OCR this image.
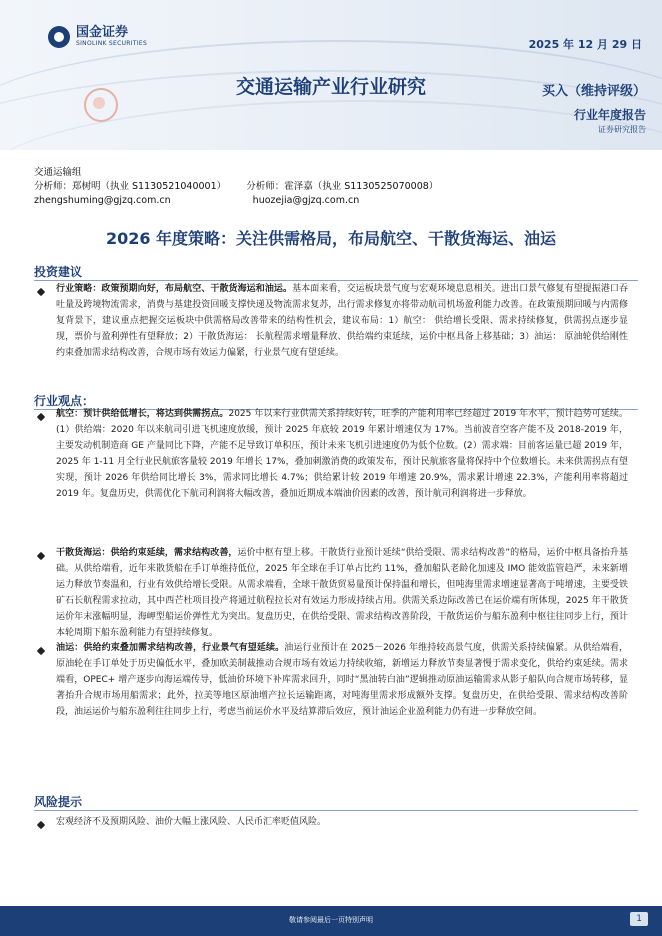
国金证券
SINOLINK SECURITIES	2025 年 12 月 29 日
交通运输产业行业研究	买入（维持评级）
行业年度报告
证券研究报告
交通运输组
分析师：郑树明（执业 S1130521040001） 分析师：霍泽嘉（执业 S1130525070008）
zhengshuming@gjzq.com.cn	huozejia@gjzq.com.cn
2026 年度策略：关注供需格局，布局航空、干散货海运、油运
投资建议
行业策略：政策预期向好，布局航空、干散货海运和油运。基本面来看，交运板块景气度与宏观环境息息相关。进出口景气修复有望提振港口吞吐量及跨境物流需求，消费与基建投资回暖支撑快递及物流需求复苏，出行需求修复亦将带动航司机场盈利能力改善。在政策预期回暖与内需修复背景下，建议重点把握交运板块中供需格局改善带来的结构性机会，建议布局：1）航空： 供给增长受限、需求持续修复，供需拐点逐步显现，票价与盈利弹性有望释放；2）干散货海运： 长航程需求增量释放、供给端约束延续，运价中枢具备上移基础；3）油运： 原油轮供给刚性约束叠加需求结构改善，合规市场有效运力偏紧，行业景气度有望延续。
行业观点：
航空：预计供给低增长，将达到供需拐点。2025 年以来行业供需关系持续好转，旺季的产能利用率已经超过 2019 年水平，预计趋势可延续。(1）供给端：2020 年以来航司引进飞机速度放缓，预计 2025 年底较 2019 年累计增速仅为 17%。当前波音空客产能不及 2018-2019 年，主要发动机制造商 GE 产量同比下降，产能不足导致订单积压，预计未来飞机引进速度仍为低个位数。(2）需求端：目前客运量已超 2019 年，2025 年 1-11 月全行业民航旅客量较 2019 年增长 17%，叠加刺激消费的政策发布，预计民航旅客量将保持中个位数增长。未来供需拐点有望实现，预计 2026 年供给同比增长 3%，需求同比增长 4.7%；供给累计较 2019 年增速 20.9%，需求累计增速 22.3%，产能利用率将超过 2019 年。复盘历史，供需优化下航司利润将大幅改善，叠加近期成本端油价因素的改善，预计航司利润将进一步释放。
干散货海运：供给约束延续，需求结构改善，运价中枢有望上移。干散货行业预计延续“供给受限、需求结构改善”的格局，运价中枢具备抬升基础。从供给端看，近年来散货船在手订单维持低位，2025 年全球在手订单占比约 11%，叠加船队老龄化加速及 IMO 能效监管趋严，未来新增运力释放节奏温和，行业有效供给增长受限。从需求端看，全球干散货贸易量预计保持温和增长，但吨海里需求增速显著高于吨增速，主要受铁矿石长航程需求拉动，其中西芒杜项目投产将通过航程拉长对有效运力形成持续占用。供需关系边际改善已在运价端有所体现，2025 年干散货运价年末涨幅明显，海岬型船运价弹性尤为突出。复盘历史，在供给受限、需求结构改善阶段，干散货运价与船东盈利中枢往往同步上行，预计本轮周期下船东盈利能力有望持续修复。
油运：供给约束叠加需求结构改善，行业景气有望延续。油运行业预计在 2025－2026 年维持较高景气度，供需关系持续偏紧。从供给端看，原油轮在手订单处于历史偏低水平，叠加欧美制裁推动合规市场有效运力持续收缩，新增运力释放节奏显著慢于需求变化，供给约束延续。需求端看，OPEC+ 增产逐步向海运端传导，低油价环境下补库需求回升，同时“黑油转白油”逻辑推动原油运输需求从影子船队向合规市场转移，显著抬升合规市场用船需求；此外，拉美等地区原油增产拉长运输距离，对吨海里需求形成额外支撑。复盘历史，在供给受限、需求结构改善阶段，油运运价与船东盈利往往同步上行，考虑当前运价水平及结算滞后效应，预计油运企业盈利能力仍有进一步释放空间。
风险提示
宏观经济不及预期风险、油价大幅上涨风险、人民币汇率贬值风险。
敬请参阅最后一页特别声明	1
